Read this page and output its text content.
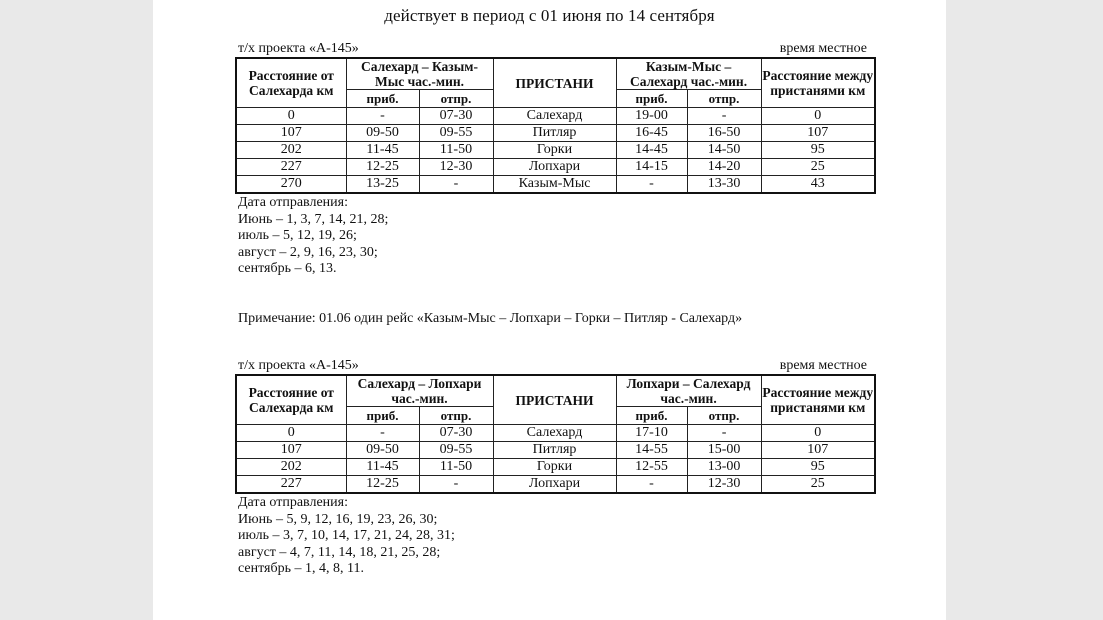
действует в период с 01 июня по 14 сентября
т/х проекта «А-145»	время местное
Расстояние от Салехарда км	Салехард – Казым-Мыс час.-мин.		ПРИСТАНИ	Казым-Мыс – Салехард час.-мин.		Расстояние между пристанями км
	приб.	отпр.		приб.	отпр.	
0	-	07-30	Салехард	19-00	-	0
107	09-50	09-55	Питляр	16-45	16-50	107
202	11-45	11-50	Горки	14-45	14-50	95
227	12-25	12-30	Лопхари	14-15	14-20	25
270	13-25	-	Казым-Мыс	-	13-30	43
Дата отправления:
Июнь – 1, 3, 7, 14, 21, 28;
июль – 5, 12, 19, 26;
август – 2, 9, 16, 23, 30;
сентябрь – 6, 13.
Примечание: 01.06 один рейс «Казым-Мыс – Лопхари – Горки – Питляр - Салехард»
т/х проекта «А-145»	время местное
Расстояние от Салехарда км	Салехард – Лопхари час.-мин.		ПРИСТАНИ	Лопхари – Салехард час.-мин.		Расстояние между пристанями км
	приб.	отпр.		приб.	отпр.	
0	-	07-30	Салехард	17-10	-	0
107	09-50	09-55	Питляр	14-55	15-00	107
202	11-45	11-50	Горки	12-55	13-00	95
227	12-25	-	Лопхари	-	12-30	25
Дата отправления:
Июнь – 5, 9, 12, 16, 19, 23, 26, 30;
июль – 3, 7, 10, 14, 17, 21, 24, 28, 31;
август – 4, 7, 11, 14, 18, 21, 25, 28;
сентябрь – 1, 4, 8, 11.
